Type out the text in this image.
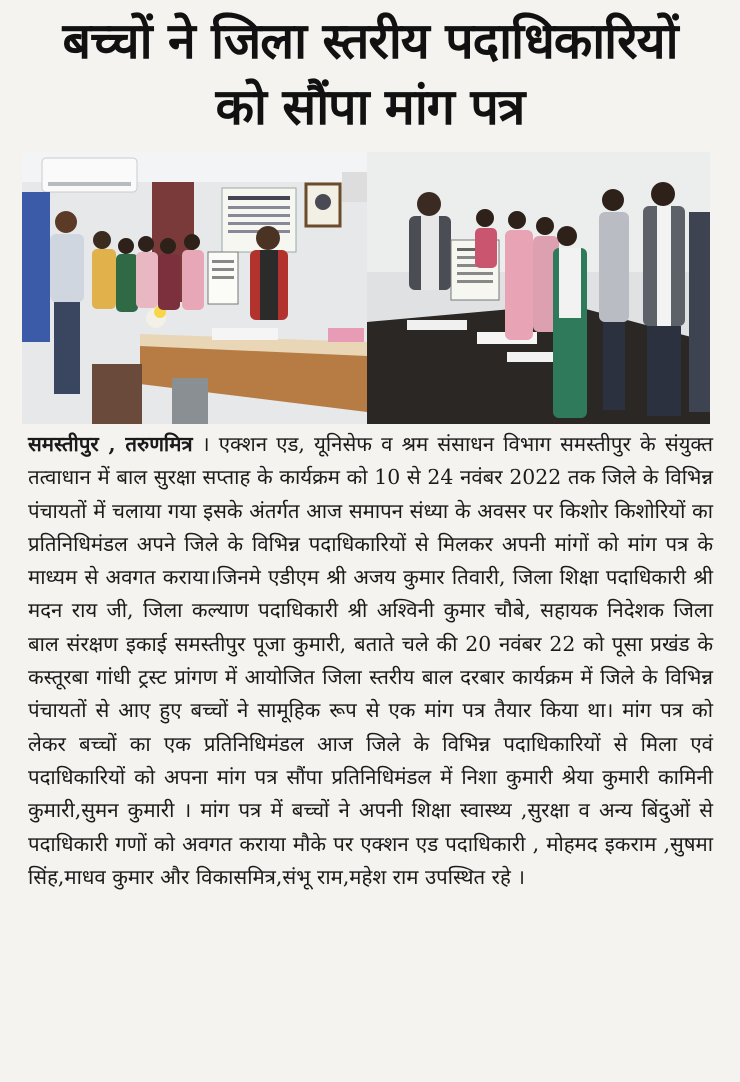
बच्चों ने जिला स्तरीय पदाधिकारियों
को सौंपा मांग पत्र
समस्तीपुर , तरुणमित्र । एक्शन एड, यूनिसेफ व श्रम संसाधन विभाग समस्तीपुर के संयुक्त तत्वाधान में बाल सुरक्षा सप्ताह के कार्यक्रम को 10 से 24 नवंबर 2022 तक जिले के विभिन्न पंचायतों में चलाया गया इसके अंतर्गत आज समापन संध्या के अवसर पर किशोर किशोरियों का प्रतिनिधिमंडल अपने जिले के विभिन्न पदाधिकारियों से मिलकर अपनी मांगों को मांग पत्र के माध्यम से अवगत कराया।जिनमे एडीएम श्री अजय कुमार तिवारी, जिला शिक्षा पदाधिकारी श्री मदन राय जी, जिला कल्याण पदाधिकारी श्री अश्विनी कुमार चौबे, सहायक निदेशक जिला बाल संरक्षण इकाई समस्तीपुर पूजा कुमारी, बताते चले की 20 नवंबर 22 को पूसा प्रखंड के कस्तूरबा गांधी ट्रस्ट प्रांगण में आयोजित जिला स्तरीय बाल दरबार कार्यक्रम में जिले के विभिन्न पंचायतों से आए हुए बच्चों ने सामूहिक रूप से एक मांग पत्र तैयार किया था। मांग पत्र को लेकर बच्चों का एक प्रतिनिधिमंडल आज जिले के विभिन्न पदाधिकारियों से मिला एवं पदाधिकारियों को अपना मांग पत्र सौंपा प्रतिनिधिमंडल में निशा कुमारी श्रेया कुमारी कामिनी कुमारी,सुमन कुमारी । मांग पत्र में बच्चों ने अपनी शिक्षा स्वास्थ्य ,सुरक्षा व अन्य बिंदुओं से पदाधिकारी गणों को अवगत कराया मौके पर एक्शन एड पदाधिकारी , मोहमद इकराम ,सुषमा सिंह,माधव कुमार और विकासमित्र,संभू राम,महेश राम उपस्थित रहे ।
